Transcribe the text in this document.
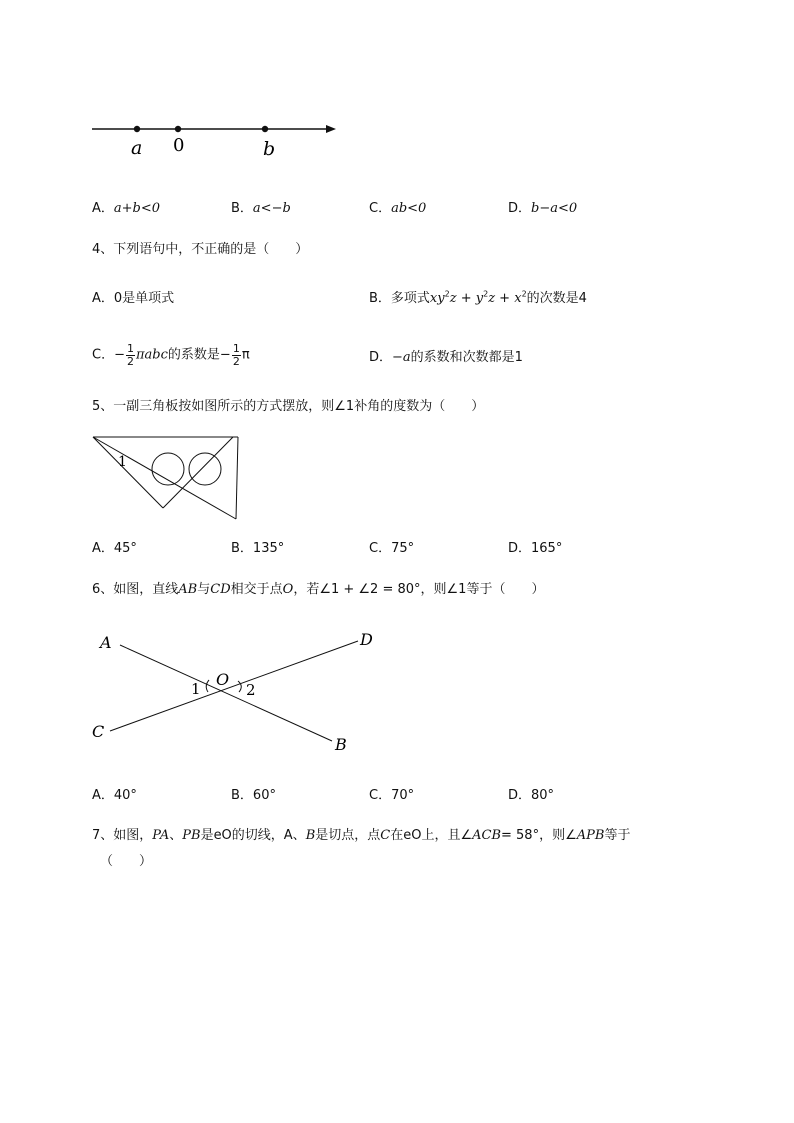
a 0	b
A．a+b<0	B．a<−b	C．ab<0	D．b−a<0
4、下列语句中，不正确的是（　　）
A．0是单项式	B．多项式$xy^2z + y^2z + x^2$的次数是4
C．− $\frac{1}{2}$ πabc的系数是− $\frac{1}{2}$ π	D．−a的系数和次数都是1
5、一副三角板按如图所示的方式摆放，则∠1补角的度数为（　　）
1
A．45°	B．135°	C．75°	D．165°
6、如图，直线AB与CD相交于点O，若∠1 + ∠2 = 80°，则∠1等于（　　）
A	D
C
B
O
1	2
A．40°	B．60°	C．70°	D．80°
7、如图，PA、PB是eO的切线，A、B是切点，点C在eO上，且∠ACB= 58°，则∠APB等于
（　　）
